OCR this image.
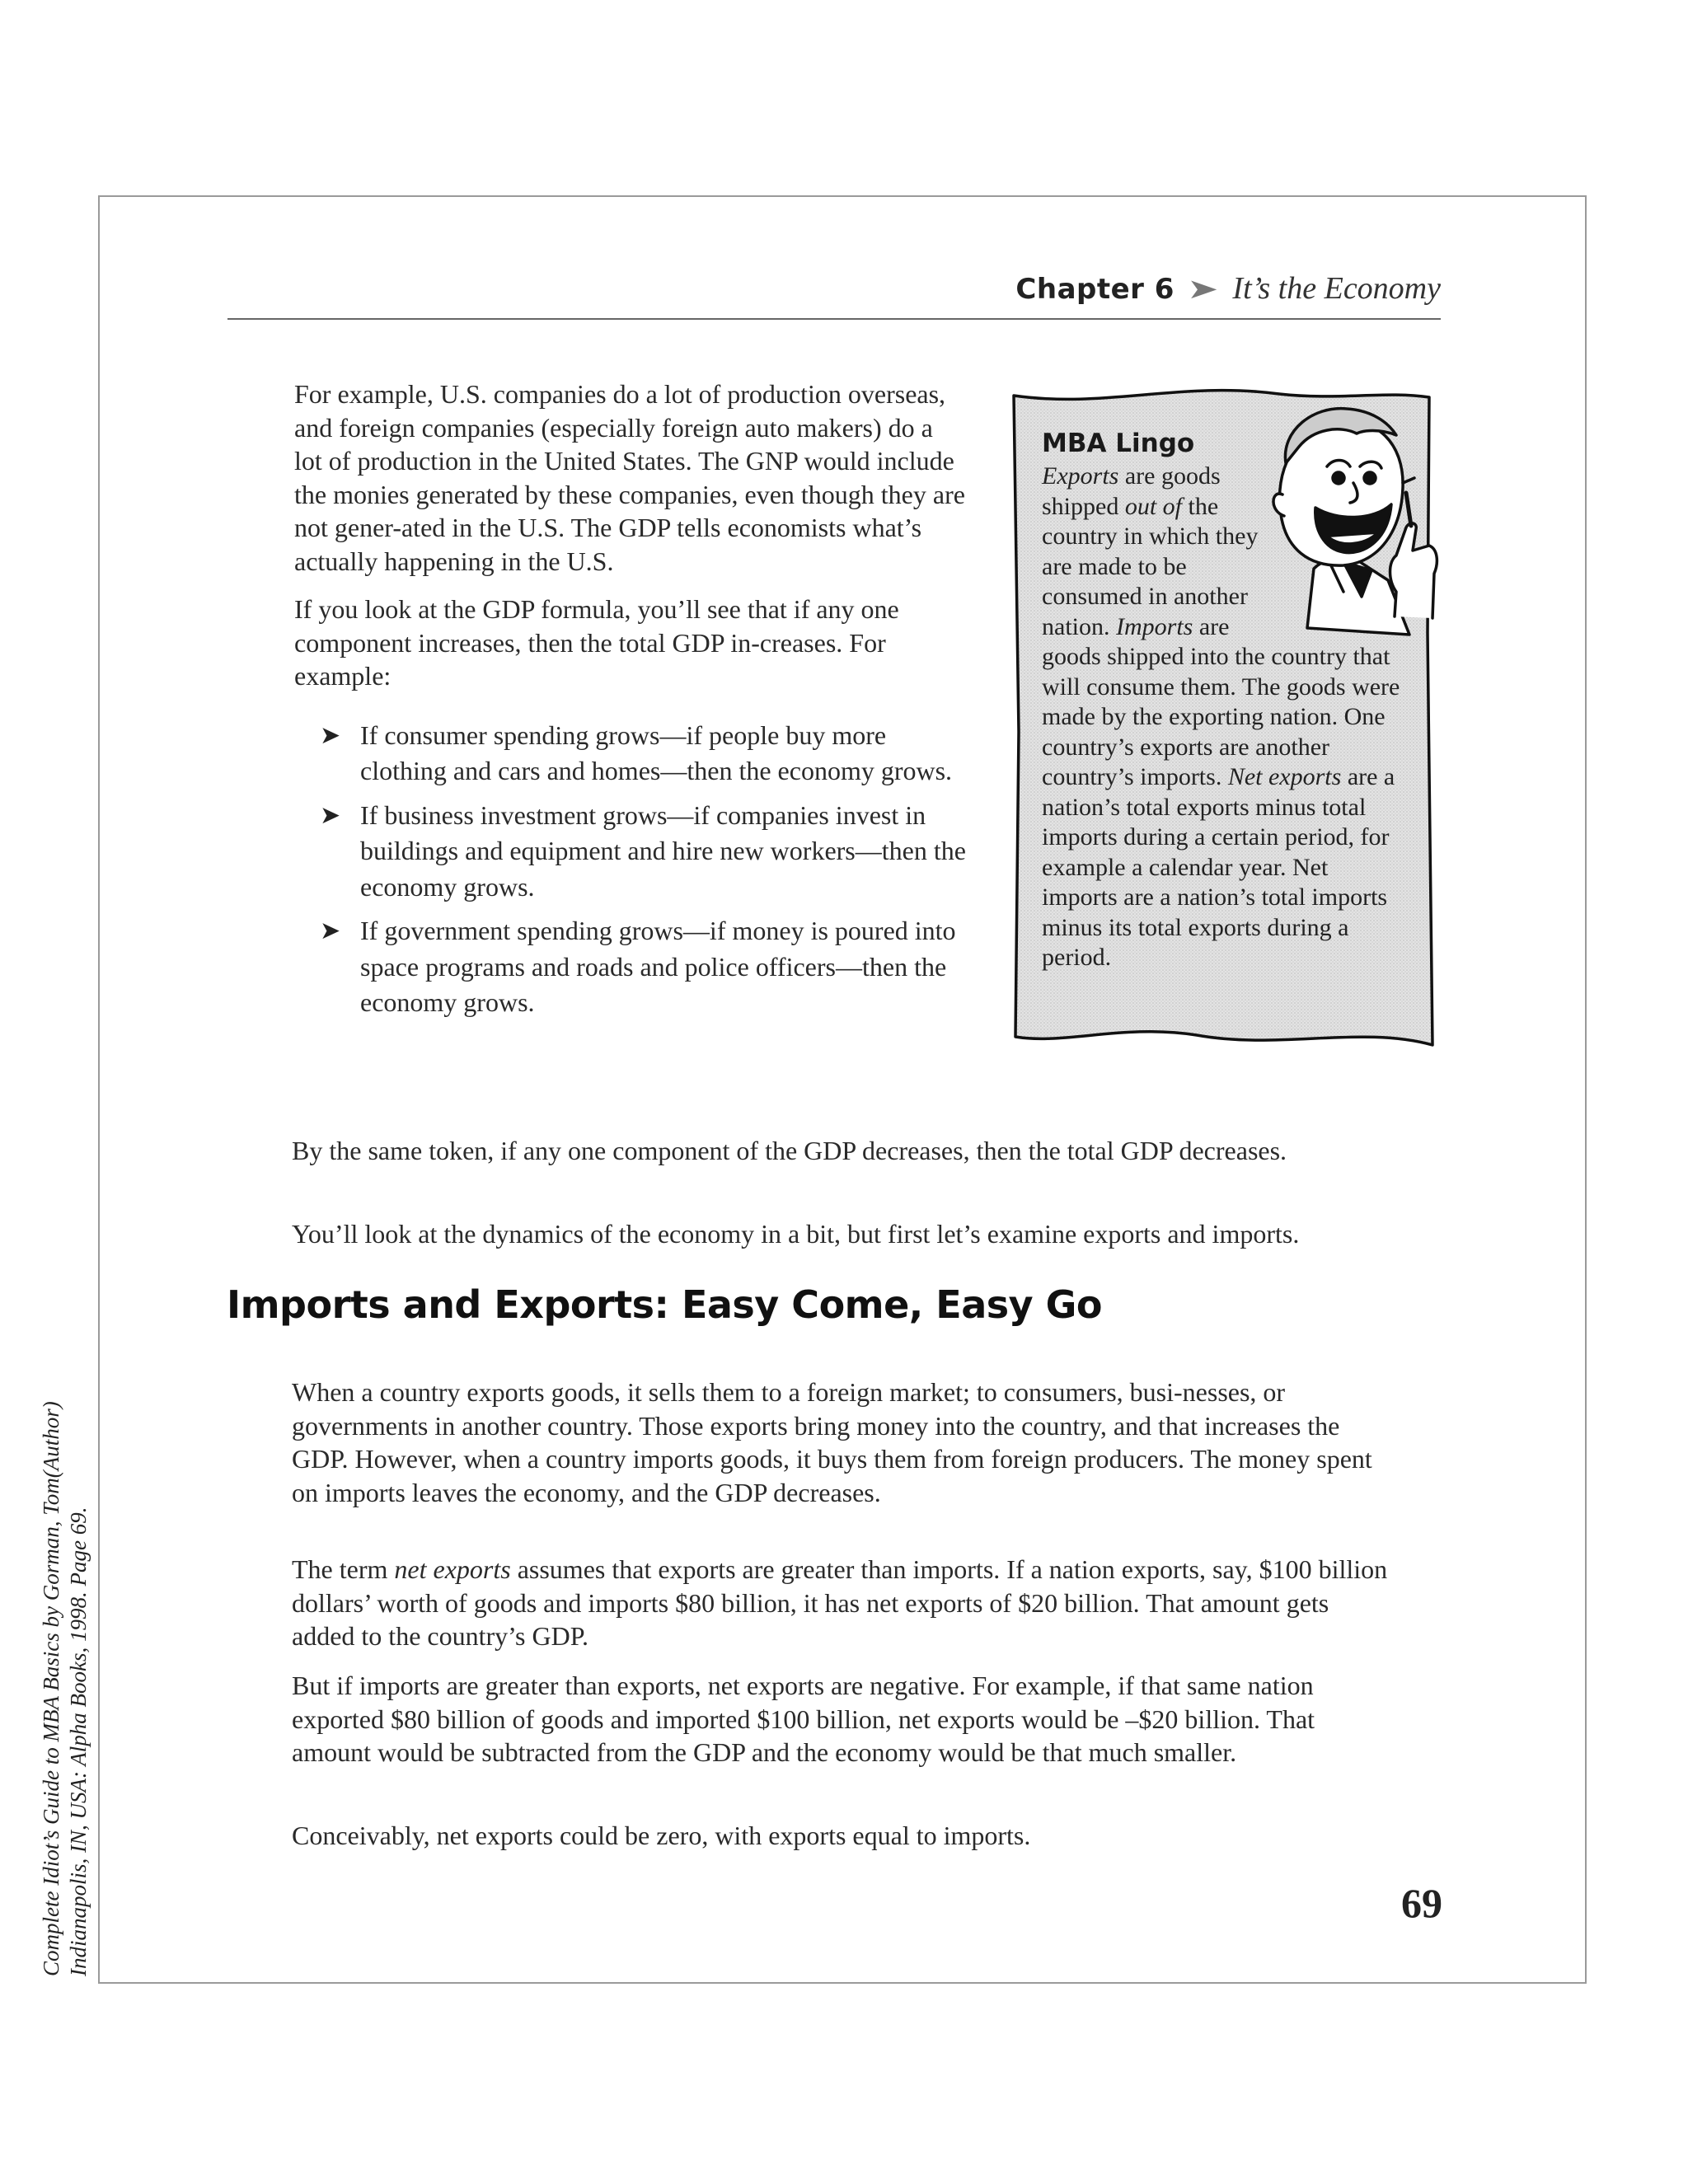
Chapter 6 ➤ It’s the Economy

For example, U.S. companies do a lot of production overseas, and foreign companies (especially foreign auto makers) do a lot of production in the United States. The GNP would include the monies generated by these companies, even though they are not gener-ated in the U.S. The GDP tells economists what’s actually happening in the U.S.

If you look at the GDP formula, you’ll see that if any one component increases, then the total GDP in-creases. For example:

➤ If consumer spending grows—if people buy more clothing and cars and homes—then the economy grows.
➤ If business investment grows—if companies invest in buildings and equipment and hire new workers—then the economy grows.
➤ If government spending grows—if money is poured into space programs and roads and police officers—then the economy grows.
MBA Lingo

Exports are goods shipped out of the country in which they are made to be consumed in another nation. Imports are goods shipped into the country that will consume them. The goods were made by the exporting nation. One country’s exports are another country’s imports. Net exports are a nation’s total exports minus total imports during a certain period, for example a calendar year. Net imports are a nation’s total imports minus its total exports during a period.

By the same token, if any one component of the GDP decreases, then the total GDP decreases.

You’ll look at the dynamics of the economy in a bit, but first let’s examine exports and imports.

Imports and Exports: Easy Come, Easy Go

When a country exports goods, it sells them to a foreign market; to consumers, busi-nesses, or governments in another country. Those exports bring money into the country, and that increases the GDP. However, when a country imports goods, it buys them from foreign producers. The money spent on imports leaves the economy, and the GDP decreases.

The term net exports assumes that exports are greater than imports. If a nation exports, say, $100 billion dollars’ worth of goods and imports $80 billion, it has net exports of $20 billion. That amount gets added to the country’s GDP.

But if imports are greater than exports, net exports are negative. For example, if that same nation exported $80 billion of goods and imported $100 billion, net exports would be –$20 billion. That amount would be subtracted from the GDP and the economy would be that much smaller.

Conceivably, net exports could be zero, with exports equal to imports.

69
Complete Idiot’s Guide to MBA Basics by Gorman, Tom(Author) Indianapolis, IN, USA: Alpha Books, 1998. Page 69.
